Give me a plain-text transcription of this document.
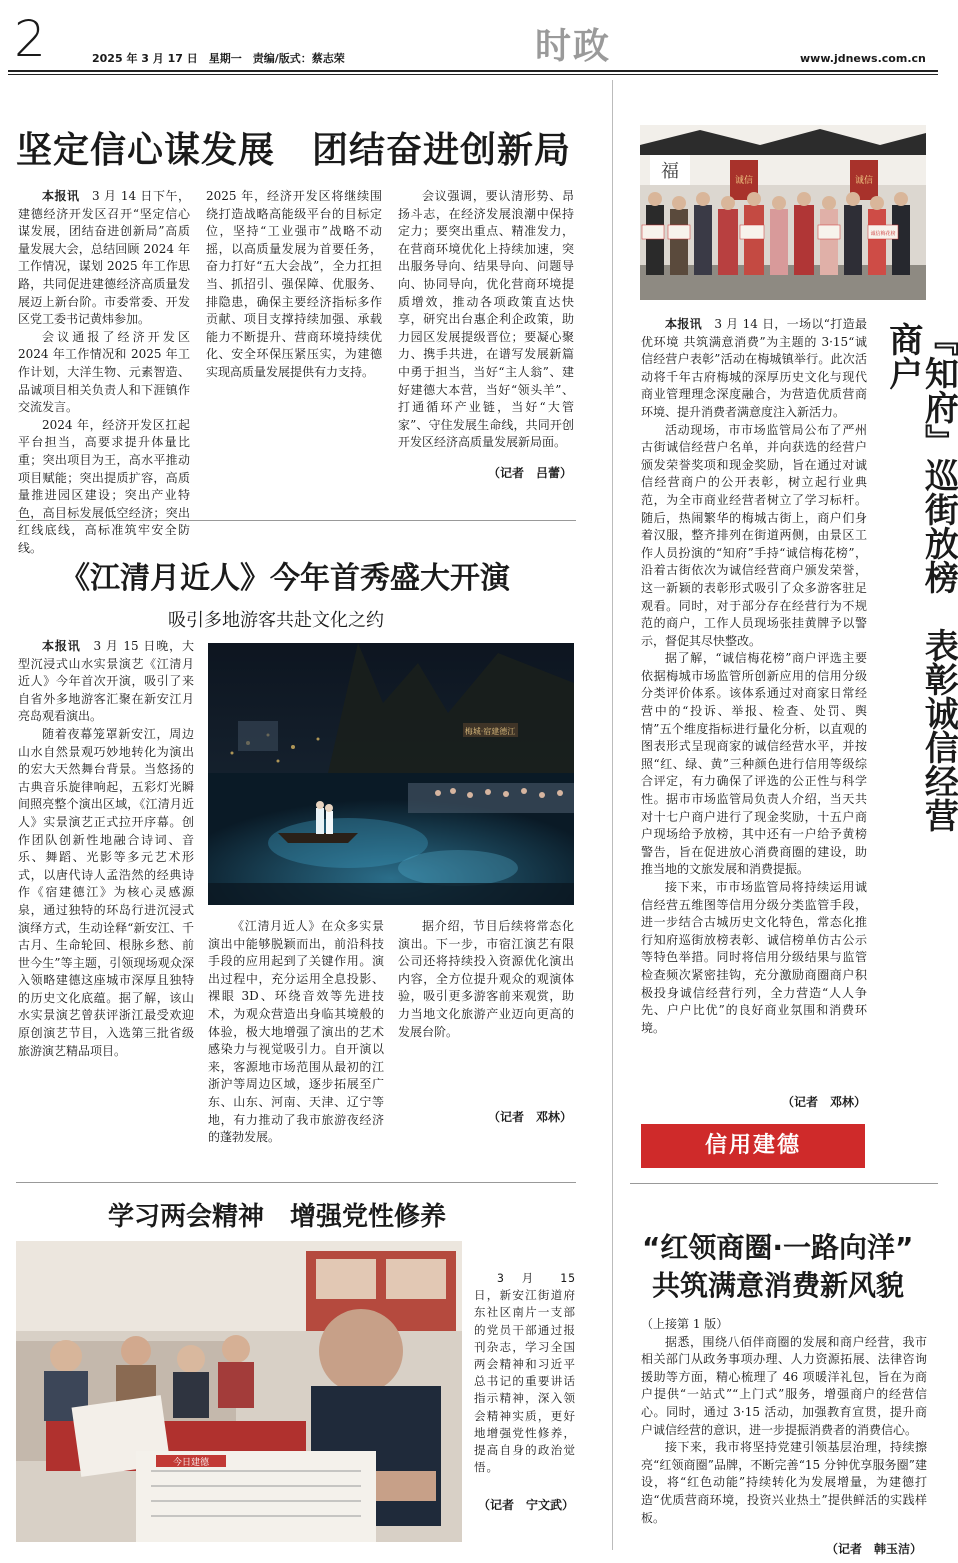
2	2025 年 3 月 17 日　星期一　责编/版式：蔡志荣	时政	www.jdnews.com.cn
坚定信心谋发展　团结奋进创新局

本报讯　 3 月 14 日下午，建德经济开发区召开“坚定信心谋发展，团结奋进创新局”高质量发展大会，总结回顾 2024 年工作情况，谋划 2025 年工作思路，共同促进建德经济高质量发展迈上新台阶。市委常委、开发区党工委书记黄炜参加。

会议通报了经济开发区 2024 年工作情况和 2025 年工作计划，大洋生物、元素智造、品诚项目相关负责人和下涯镇作交流发言。

2024 年，经济开发区扛起平台担当，高要求提升体量比重；突出项目为王，高水平推动项目赋能；突出提质扩容，高质量推进园区建设；突出产业特色，高目标发展低空经济；突出红线底线，高标准筑牢安全防线。

2025 年，经济开发区将继续围绕打造战略高能级平台的目标定位，坚持“工业强市”战略不动摇，以高质量发展为首要任务，奋力打好“五大会战”，全力扛担当、抓招引、强保障、优服务、排隐患，确保主要经济指标多作贡献、项目支撑持续加强、承载能力不断提升、营商环境持续优化、安全环保压紧压实，为建德实现高质量发展提供有力支持。

会议强调，要认清形势、昂扬斗志，在经济发展浪潮中保持定力；要突出重点、精准发力，在营商环境优化上持续加速，突出服务导向、结果导向、问题导向、协同导向，优化营商环境提质增效，推动各项政策直达快享，研究出台惠企利企政策，助力园区发展提级晋位；要凝心聚力、携手共进，在谱写发展新篇中勇于担当，当好“主人翁”、建好建德大本营，当好“领头羊”、打通循环产业链，当好“大管家”、守住发展生命线，共同开创开发区经济高质量发展新局面。

（记者　吕蕾）
《江清月近人》今年首秀盛大开演
吸引多地游客共赴文化之约

本报讯　 3 月 15 日晚，大型沉浸式山水实景演艺《江清月近人》今年首次开演，吸引了来自省外多地游客汇聚在新安江月亮岛观看演出。

随着夜幕笼罩新安江，周边山水自然景观巧妙地转化为演出的宏大天然舞台背景。当悠扬的古典音乐旋律响起，五彩灯光瞬间照亮整个演出区域，《江清月近人》实景演艺正式拉开序幕。创作团队创新性地融合诗词、音乐、舞蹈、光影等多元艺术形式，以唐代诗人孟浩然的经典诗作《宿建德江》为核心灵感源泉，通过独特的环岛行进沉浸式演绎方式，生动诠释“新安江、千古月、生命轮回、根脉乡愁、前世今生”等主题，引领现场观众深入领略建德这座城市深厚且独特的历史文化底蕴。据了解，该山水实景演艺曾获评浙江最受欢迎原创演艺节目，入选第三批省级旅游演艺精品项目。

梅城·宿建德江

《江清月近人》在众多实景演出中能够脱颖而出，前沿科技手段的应用起到了关键作用。演出过程中，充分运用全息投影、裸眼 3D、环绕音效等先进技术，为观众营造出身临其境般的体验，极大地增强了演出的艺术感染力与视觉吸引力。自开演以来，客源地市场范围从最初的江浙沪等周边区域，逐步拓展至广东、山东、河南、天津、辽宁等地，有力推动了我市旅游夜经济的蓬勃发展。

据介绍，节目后续将常态化演出。下一步，市宿江演艺有限公司还将持续投入资源优化演出内容，全方位提升观众的观演体验，吸引更多游客前来观赏，助力当地文化旅游产业迈向更高的发展台阶。

（记者　邓林）
学习两会精神　增强党性修养
今日建德
3 月 15 日，新安江街道府东社区南片一支部的党员干部通过报刊杂志，学习全国两会精神和习近平总书记的重要讲话指示精神，深入领会精神实质，更好地增强党性修养，提高自身的政治觉悟。
（记者　宁文武）
福	诚信	诚信
诚信梅花榜
『知府』巡街放榜　表彰诚信经营商户

本报讯　 3 月 14 日，一场以“打造最优环境 共筑满意消费”为主题的 3·15“诚信经营户表彰”活动在梅城镇举行。此次活动将千年古府梅城的深厚历史文化与现代商业管理理念深度融合，为营造优质营商环境、提升消费者满意度注入新活力。

活动现场，市市场监管局公布了严州古街诚信经营户名单，并向获选的经营户颁发荣誉奖项和现金奖励，旨在通过对诚信经营商户的公开表彰，树立起行业典范，为全市商业经营者树立了学习标杆。随后，热闹繁华的梅城古街上，商户们身着汉服，整齐排列在街道两侧，由景区工作人员扮演的“知府”手持“诚信梅花榜”，沿着古街依次为诚信经营商户颁发荣誉，这一新颖的表彰形式吸引了众多游客驻足观看。同时，对于部分存在经营行为不规范的商户，工作人员现场张挂黄牌予以警示，督促其尽快整改。

据了解，“诚信梅花榜”商户评选主要依据梅城市场监管所创新应用的信用分级分类评价体系。该体系通过对商家日常经营中的“投诉、举报、检查、处罚、舆情”五个维度指标进行量化分析，以直观的图表形式呈现商家的诚信经营水平，并按照“红、绿、黄”三种颜色进行信用等级综合评定，有力确保了评选的公正性与科学性。据市市场监管局负责人介绍，当天共对十七户商户进行了现金奖励，十五户商户现场给予放榜，其中还有一户给予黄榜警告，旨在促进放心消费商圈的建设，助推当地的文旅发展和消费提振。

接下来，市市场监管局将持续运用诚信经营五维图等信用分级分类监管手段，进一步结合古城历史文化特色，常态化推行知府巡街放榜表彰、诚信榜单仿古公示等特色举措。同时将信用分级结果与监管检查频次紧密挂钩，充分激励商圈商户积极投身诚信经营行列，全力营造“人人争先、户户比优”的良好商业氛围和消费环境。

（记者　邓林）
信用建德
“红领商圈·一路向洋”
共筑满意消费新风貌

（上接第 1 版）

据悉，围绕八佰伴商圈的发展和商户经营，我市相关部门从政务事项办理、人力资源拓展、法律咨询援助等方面，精心梳理了 46 项暖洋礼包，旨在为商户提供“一站式”“上门式”服务，增强商户的经营信心。同时，通过 3·15 活动，加强教育宣贯，提升商户诚信经营的意识，进一步提振消费者的消费信心。

接下来，我市将坚持党建引领基层治理，持续擦亮“红领商圈”品牌，不断完善“15 分钟优享服务圈”建设，将“红色动能”持续转化为发展增量，为建德打造“优质营商环境，投资兴业热土”提供鲜活的实践样板。

（记者　韩玉洁）
